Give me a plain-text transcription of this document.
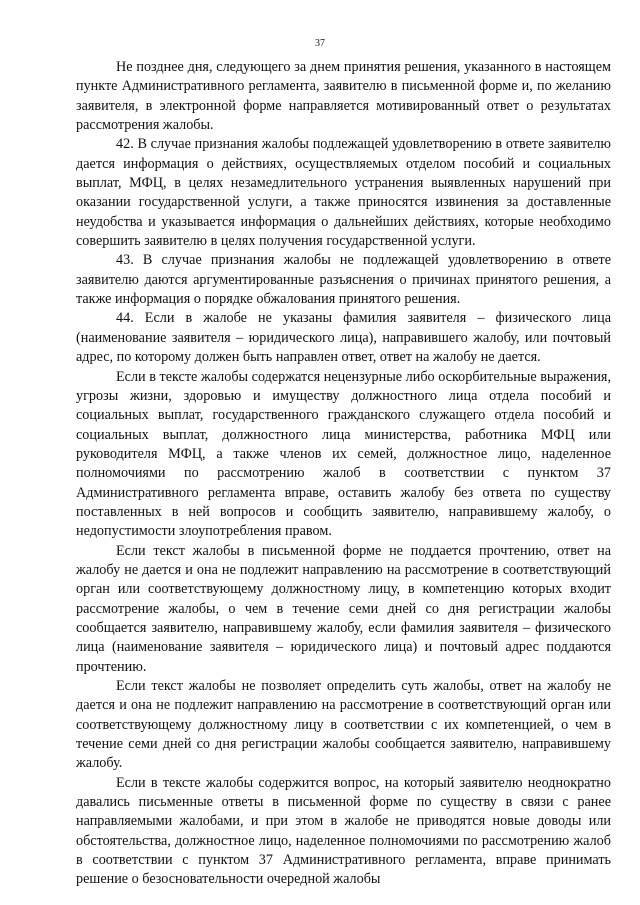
37

Не позднее дня, следующего за днем принятия решения, указанного в настоящем пункте Административного регламента, заявителю в письменной форме и, по желанию заявителя, в электронной форме направляется мотивированный ответ о результатах рассмотрения жалобы.

42. В случае признания жалобы подлежащей удовлетворению в ответе заявителю дается информация о действиях, осуществляемых отделом пособий и социальных выплат, МФЦ, в целях незамедлительного устранения выявленных нарушений при оказании государственной услуги, а также приносятся извинения за доставленные неудобства и указывается информация о дальнейших действиях, которые необходимо совершить заявителю в целях получения государственной услуги.

43. В случае признания жалобы не подлежащей удовлетворению в ответе заявителю даются аргументированные разъяснения о причинах принятого решения, а также информация о порядке обжалования принятого решения.

44. Если в жалобе не указаны фамилия заявителя – физического лица (наименование заявителя – юридического лица), направившего жалобу, или почтовый адрес, по которому должен быть направлен ответ, ответ на жалобу не дается.

Если в тексте жалобы содержатся нецензурные либо оскорбительные выражения, угрозы жизни, здоровью и имуществу должностного лица отдела пособий и социальных выплат, государственного гражданского служащего отдела пособий и социальных выплат, должностного лица министерства, работника МФЦ или руководителя МФЦ, а также членов их семей, должностное лицо, наделенное полномочиями по рассмотрению жалоб в соответствии с пунктом 37 Административного регламента вправе, оставить жалобу без ответа по существу поставленных в ней вопросов и сообщить заявителю, направившему жалобу, о недопустимости злоупотребления правом.

Если текст жалобы в письменной форме не поддается прочтению, ответ на жалобу не дается и она не подлежит направлению на рассмотрение в соответствующий орган или соответствующему должностному лицу, в компетенцию которых входит рассмотрение жалобы, о чем в течение семи дней со дня регистрации жалобы сообщается заявителю, направившему жалобу, если фамилия заявителя – физического лица (наименование заявителя – юридического лица) и почтовый адрес поддаются прочтению.

Если текст жалобы не позволяет определить суть жалобы, ответ на жалобу не дается и она не подлежит направлению на рассмотрение в соответствующий орган или соответствующему должностному лицу в соответствии с их компетенцией, о чем в течение семи дней со дня регистрации жалобы сообщается заявителю, направившему жалобу.

Если в тексте жалобы содержится вопрос, на который заявителю неоднократно давались письменные ответы в письменной форме по существу в связи с ранее направляемыми жалобами, и при этом в жалобе не приводятся новые доводы или обстоятельства, должностное лицо, наделенное полномочиями по рассмотрению жалоб в соответствии с пунктом 37 Административного регламента, вправе принимать решение о безосновательности очередной жалобы
